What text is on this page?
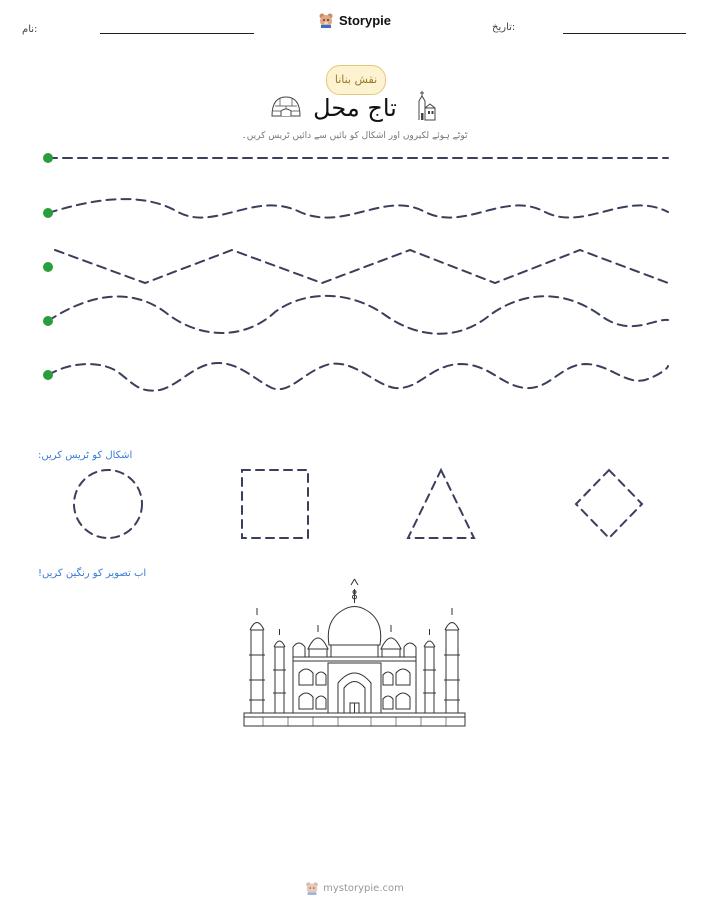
نام:
Storypie	تاریخ:
نقش بنانا
تاج محل
ٹوٹے ہوئے لکیروں اور اشکال کو بائیں سے دائیں ٹریس کریں۔
اشکال کو ٹریس کریں:
اب تصویر کو رنگین کریں!
mystorypie.com
